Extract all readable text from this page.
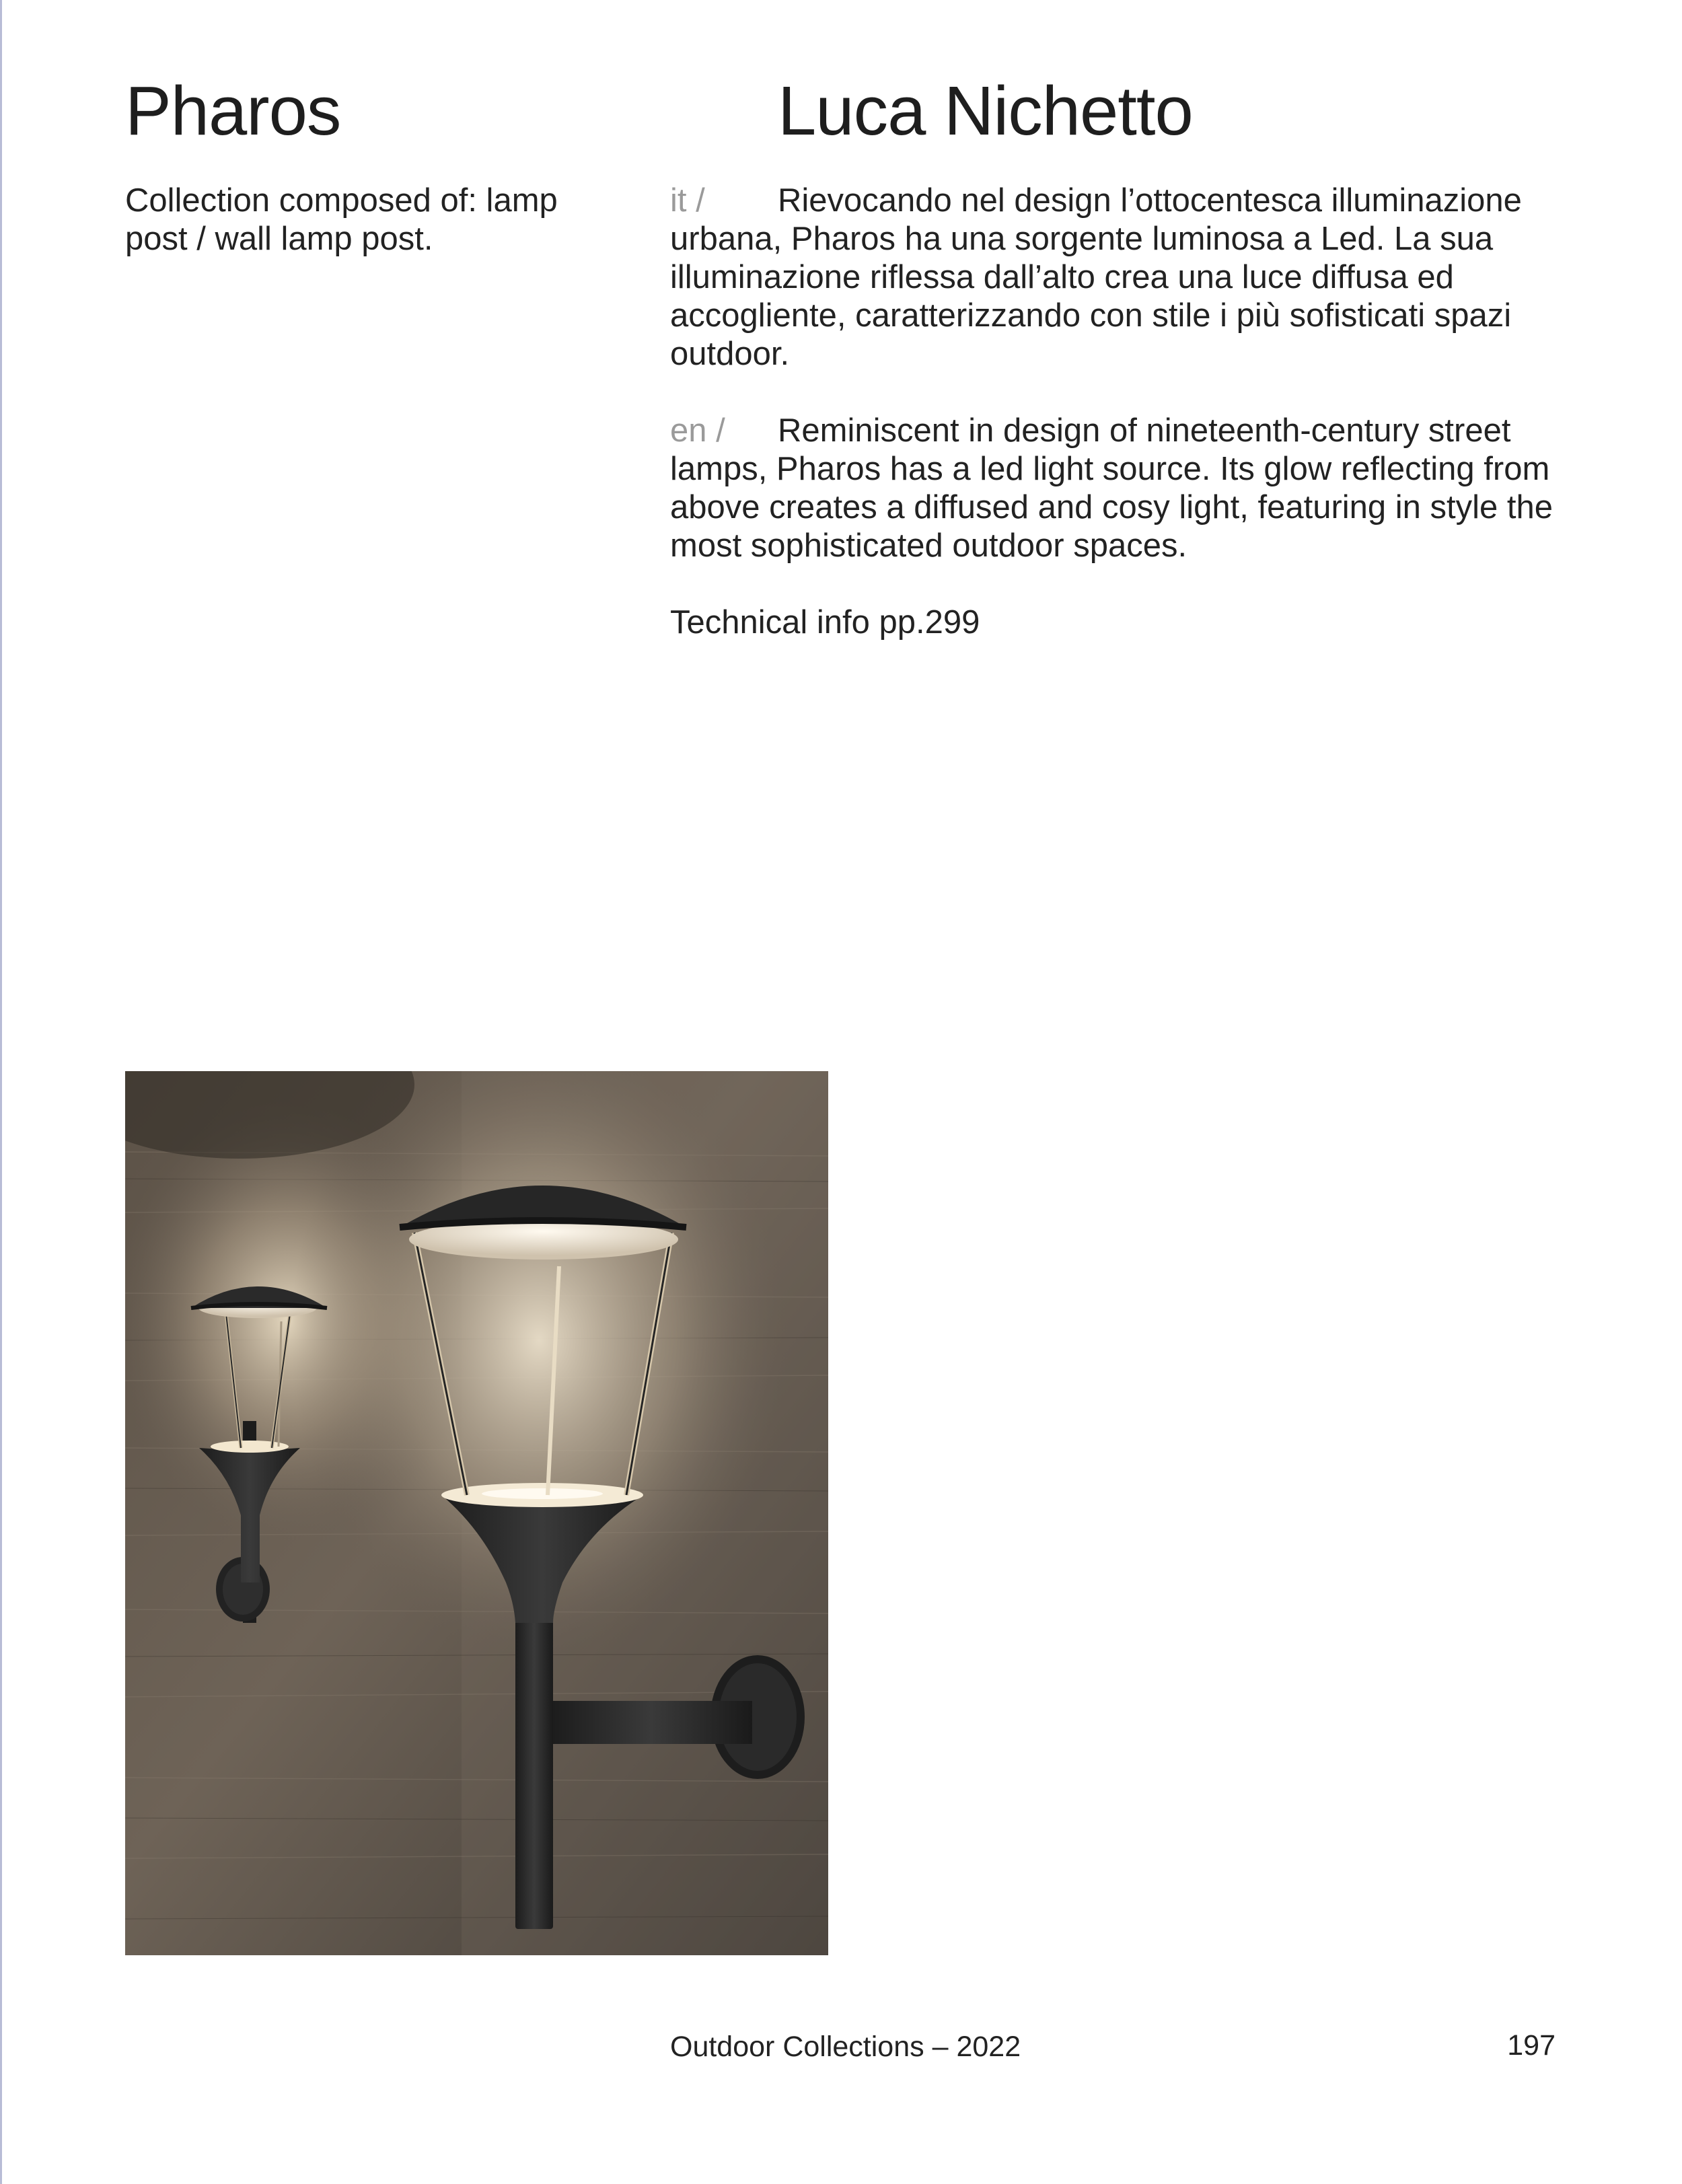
Pharos	Luca Nichetto

Collection composed of: lamp post / wall lamp post.

it / Rievocando nel design l’ottocentesca illuminazione urbana, Pharos ha una sorgente luminosa a Led. La sua illuminazione riflessa dall’alto crea una luce diffusa ed accogliente, caratterizzando con stile i più sofisticati spazi outdoor.

en / Reminiscent in design of nineteenth-century street lamps, Pharos has a led light source. Its glow reflecting from above creates a diffused and cosy light, featuring in style the most sophisticated outdoor spaces.

Technical info pp.299

Outdoor Collections – 2022	197
